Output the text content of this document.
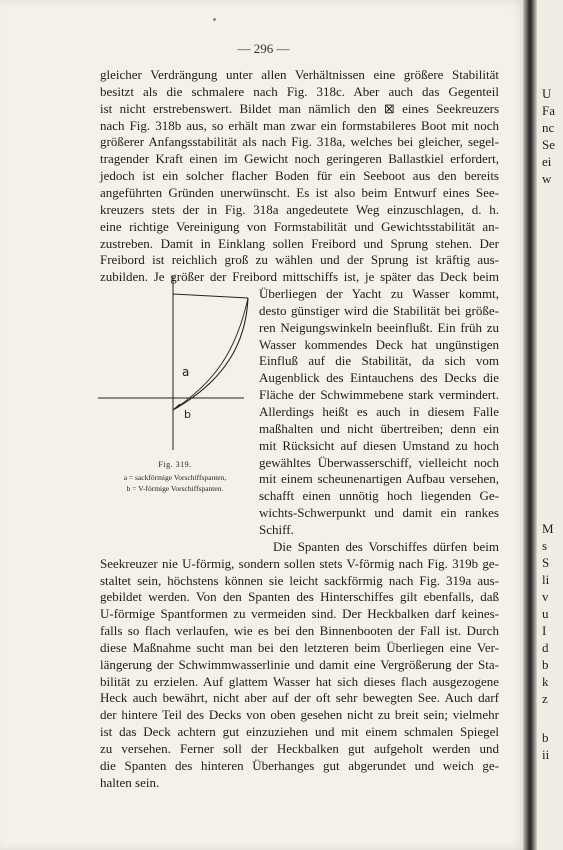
— 296 —
gleicher Verdrängung unter allen Verhältnissen eine größere Stabilität
besitzt als die schmalere nach Fig. 318c. Aber auch das Gegenteil
ist nicht erstrebenswert. Bildet man nämlich den ⊠ eines Seekreuzers
nach Fig. 318b aus, so erhält man zwar ein formstabileres Boot mit noch
größerer Anfangsstabilität als nach Fig. 318a, welches bei gleicher, segel-
tragender Kraft einen im Gewicht noch geringeren Ballastkiel erfordert,
jedoch ist ein solcher flacher Boden für ein Seeboot aus den bereits
angeführten Gründen unerwünscht. Es ist also beim Entwurf eines See-
kreuzers stets der in Fig. 318a angedeutete Weg einzuschlagen, d. h.
eine richtige Vereinigung von Formstabilität und Gewichtsstabilität an-
zustreben. Damit in Einklang sollen Freibord und Sprung stehen. Der
Freibord ist reichlich groß zu wählen und der Sprung ist kräftig aus-
zubilden. Je größer der Freibord mittschiffs ist, je später das Deck beim
Überliegen der Yacht zu Wasser kommt,
desto günstiger wird die Stabilität bei größe-
ren Neigungswinkeln beeinflußt. Ein früh zu
Wasser kommendes Deck hat ungünstigen
Einfluß auf die Stabilität, da sich vom
Augenblick des Eintauchens des Decks die
Fläche der Schwimmebene stark vermindert.
Allerdings heißt es auch in diesem Falle
maßhalten und nicht übertreiben; denn ein
mit Rücksicht auf diesen Umstand zu hoch
gewähltes Überwasserschiff, vielleicht noch
mit einem scheunenartigen Aufbau versehen,
schafft einen unnötig hoch liegenden Ge-
wichts-Schwerpunkt und damit ein rankes
Schiff.
Die Spanten des Vorschiffes dürfen beim
Seekreuzer nie U-förmig, sondern sollen stets V-förmig nach Fig. 319b ge-
staltet sein, höchstens können sie leicht sackförmig nach Fig. 319a aus-
gebildet werden. Von den Spanten des Hinterschiffes gilt ebenfalls, daß
U-förmige Spantformen zu vermeiden sind. Der Heckbalken darf keines-
falls so flach verlaufen, wie es bei den Binnenbooten der Fall ist. Durch
diese Maßnahme sucht man bei den letzteren beim Überliegen eine Ver-
längerung der Schwimmwasserlinie und damit eine Vergrößerung der Sta-
bilität zu erzielen. Auf glattem Wasser hat sich dieses flach ausgezogene
Heck auch bewährt, nicht aber auf der oft sehr bewegten See. Auch darf
der hintere Teil des Decks von oben gesehen nicht zu breit sein; vielmehr
ist das Deck achtern gut einzuziehen und mit einem schmalen Spiegel
zu versehen. Ferner soll der Heckbalken gut aufgeholt werden und
die Spanten des hinteren Überhanges gut abgerundet und weich ge-
halten sein.
a
b
Fig. 319.
a = sackförmige Vorschiffspanten,
b = V-förmige Vorschiffspanten.
U
Fa
nc
Se
ei
w
M
s
S
li
v
u
I
d
b
k
z
b
ii
